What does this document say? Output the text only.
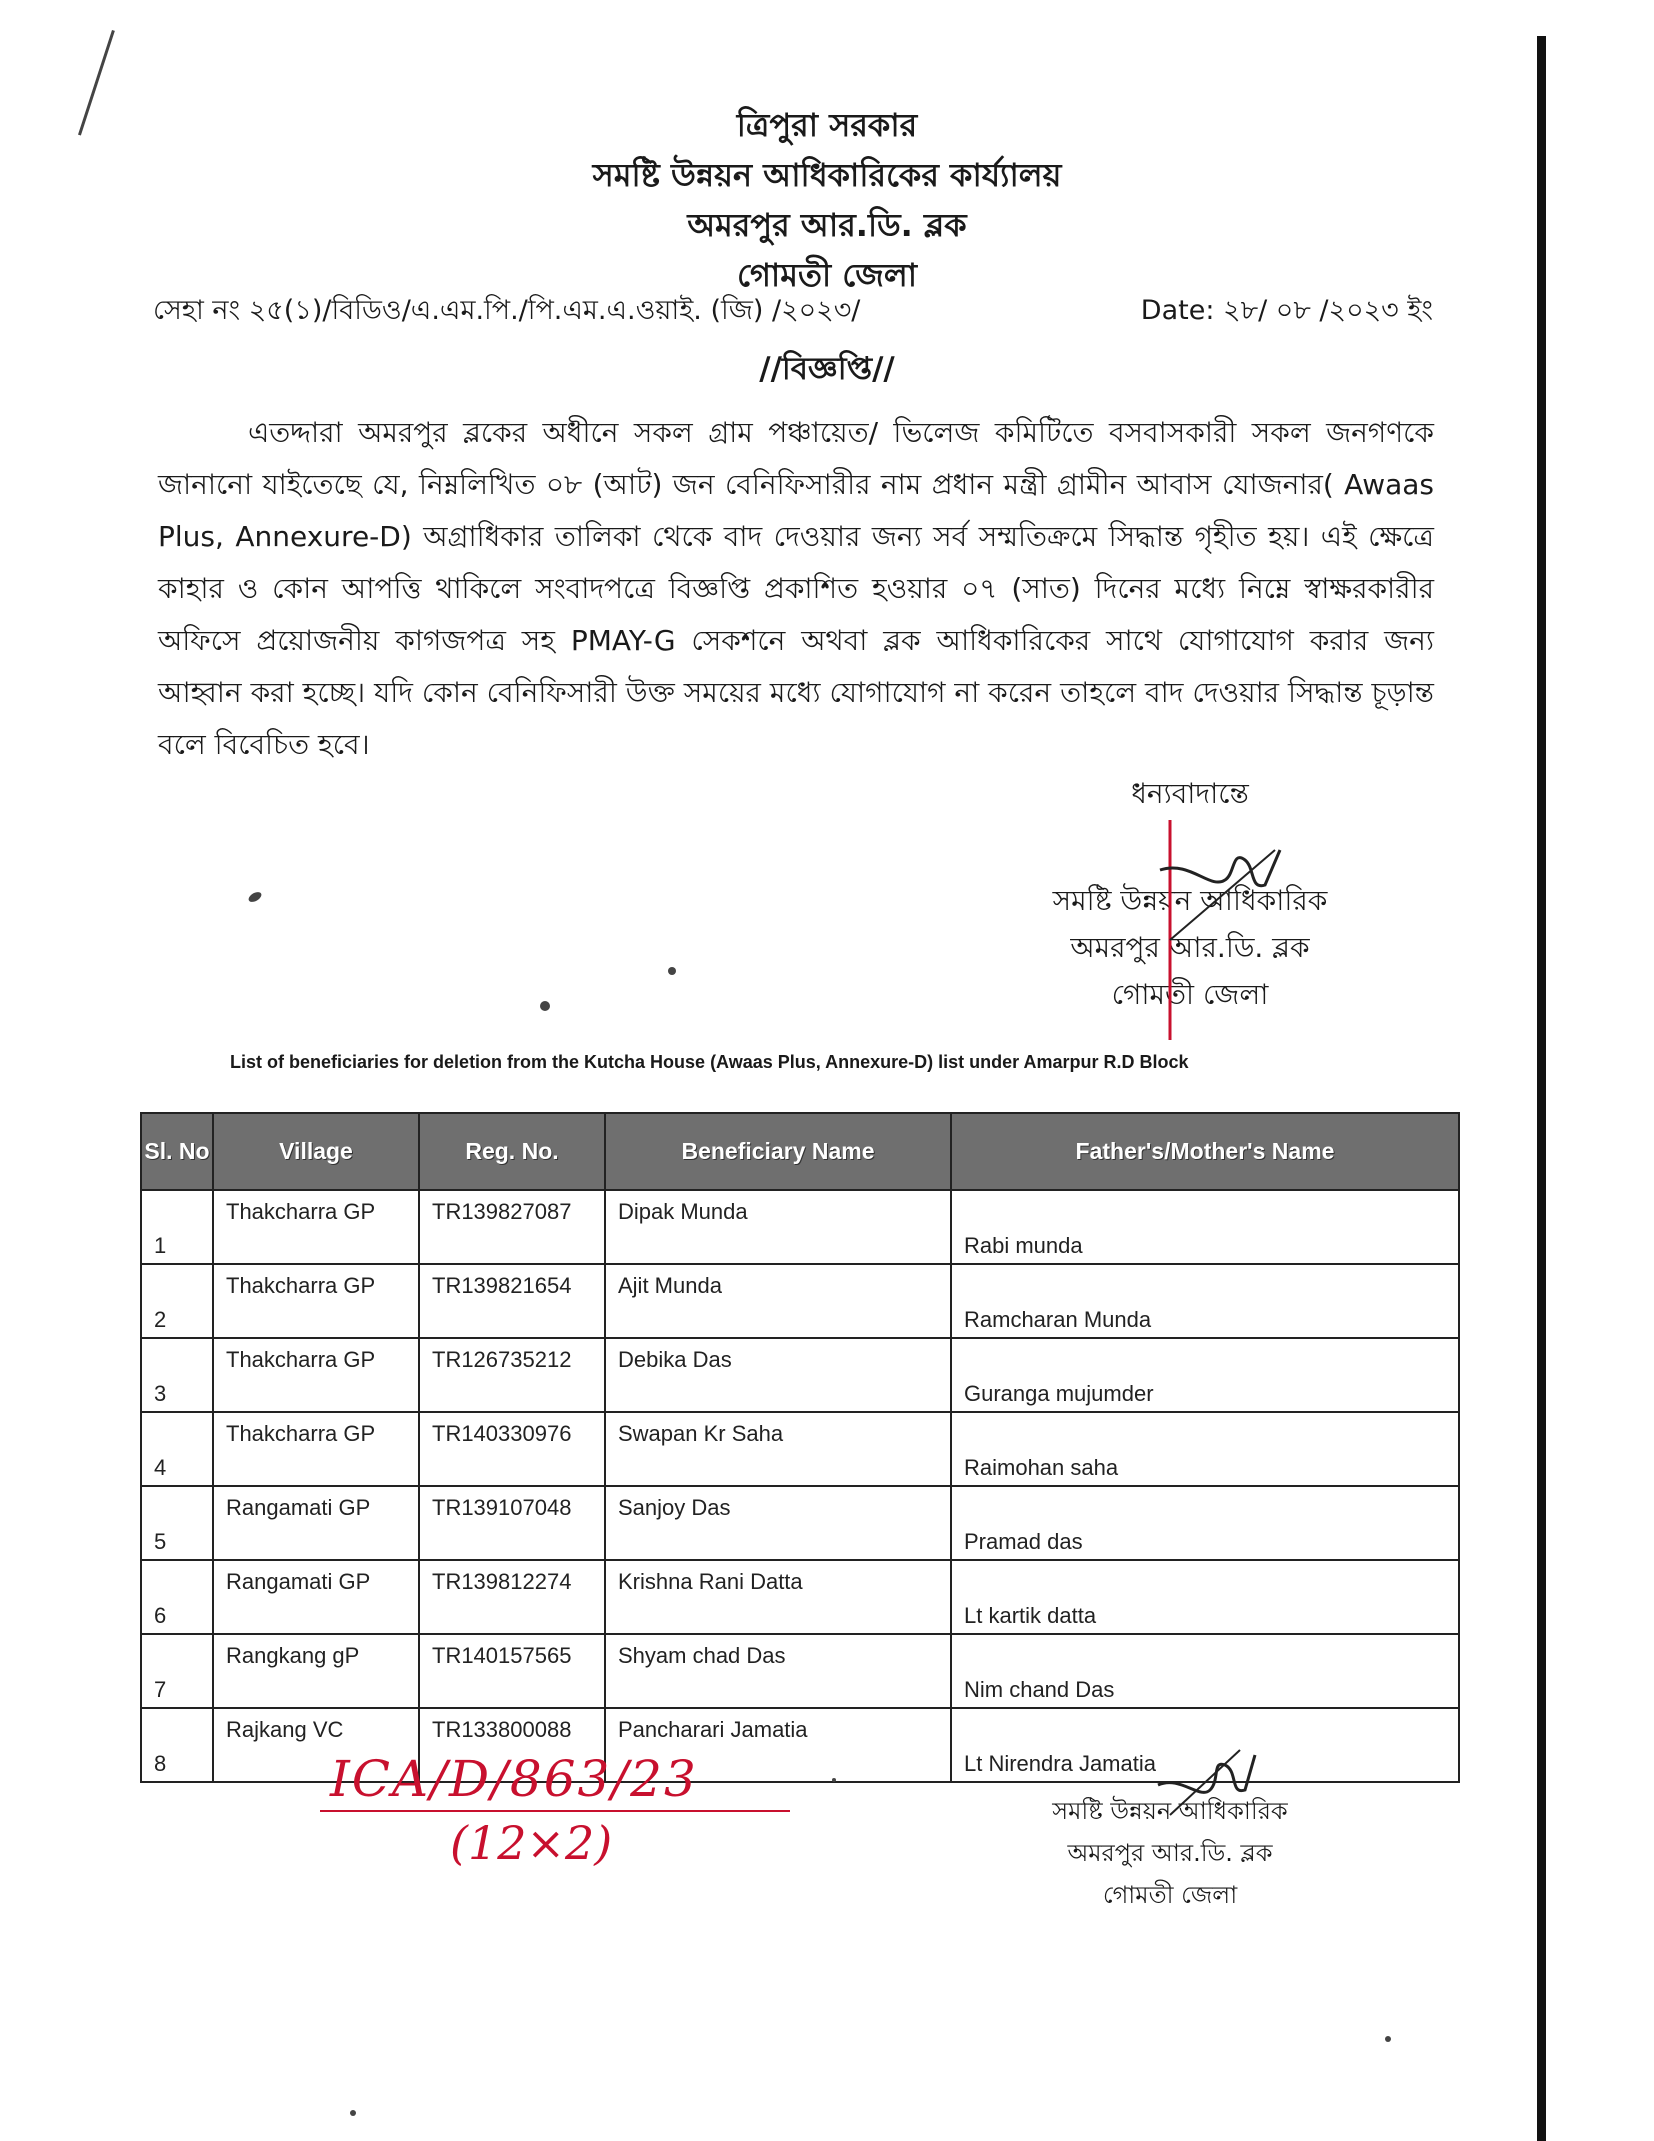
ত্রিপুরা সরকার
সমষ্টি উন্নয়ন আধিকারিকের কার্য্যালয়
অমরপুর আর.ডি. ব্লক
গোমতী জেলা
সেহা নং ২৫(১)/বিডিও/এ.এম.পি./পি.এম.এ.ওয়াই. (জি) /২০২৩/	Date: ২৮/ ০৮ /২০২৩ ইং
//বিজ্ঞপ্তি//
এতদ্দারা অমরপুর ব্লকের অধীনে সকল গ্রাম পঞ্চায়েত/ ভিলেজ কমিটিতে বসবাসকারী সকল জনগণকে জানানো যাইতেছে যে, নিম্নলিখিত ০৮ (আট) জন বেনিফিসারীর নাম প্রধান মন্ত্রী গ্রামীন আবাস যোজনার( Awaas Plus, Annexure-D) অগ্রাধিকার তালিকা থেকে বাদ দেওয়ার জন্য সর্ব সম্মতিক্রমে সিদ্ধান্ত গৃহীত হয়। এই ক্ষেত্রে কাহার ও কোন আপত্তি থাকিলে সংবাদপত্রে বিজ্ঞপ্তি প্রকাশিত হওয়ার ০৭ (সাত) দিনের মধ্যে নিম্নে স্বাক্ষরকারীর অফিসে প্রয়োজনীয় কাগজপত্র সহ PMAY-G সেকশনে অথবা ব্লক আধিকারিকের সাথে যোগাযোগ করার জন্য আহ্বান করা হচ্ছে। যদি কোন বেনিফিসারী উক্ত সময়ের মধ্যে যোগাযোগ না করেন তাহলে বাদ দেওয়ার সিদ্ধান্ত চূড়ান্ত বলে বিবেচিত হবে।
ধন্যবাদান্তে
সমষ্টি উন্নয়ন আধিকারিক
অমরপুর আর.ডি. ব্লক
গোমতী জেলা
List of beneficiaries for deletion from the Kutcha House (Awaas Plus, Annexure-D) list under Amarpur R.D Block
Sl. No	Village	Reg. No.	Beneficiary Name	Father's/Mother's Name
1	Thakcharra GP	TR139827087	Dipak Munda	Rabi munda
2	Thakcharra GP	TR139821654	Ajit Munda	Ramcharan Munda
3	Thakcharra GP	TR126735212	Debika Das	Guranga mujumder
4	Thakcharra GP	TR140330976	Swapan Kr Saha	Raimohan saha
5	Rangamati GP	TR139107048	Sanjoy Das	Pramad das
6	Rangamati GP	TR139812274	Krishna Rani Datta	Lt kartik datta
7	Rangkang gP	TR140157565	Shyam chad Das	Nim chand Das
8	Rajkang VC	TR133800088	Pancharari Jamatia	Lt Nirendra Jamatia
ICA/D/863/23
(12×2)
সমষ্টি উন্নয়ন আধিকারিক
অমরপুর আর.ডি. ব্লক
গোমতী জেলা
